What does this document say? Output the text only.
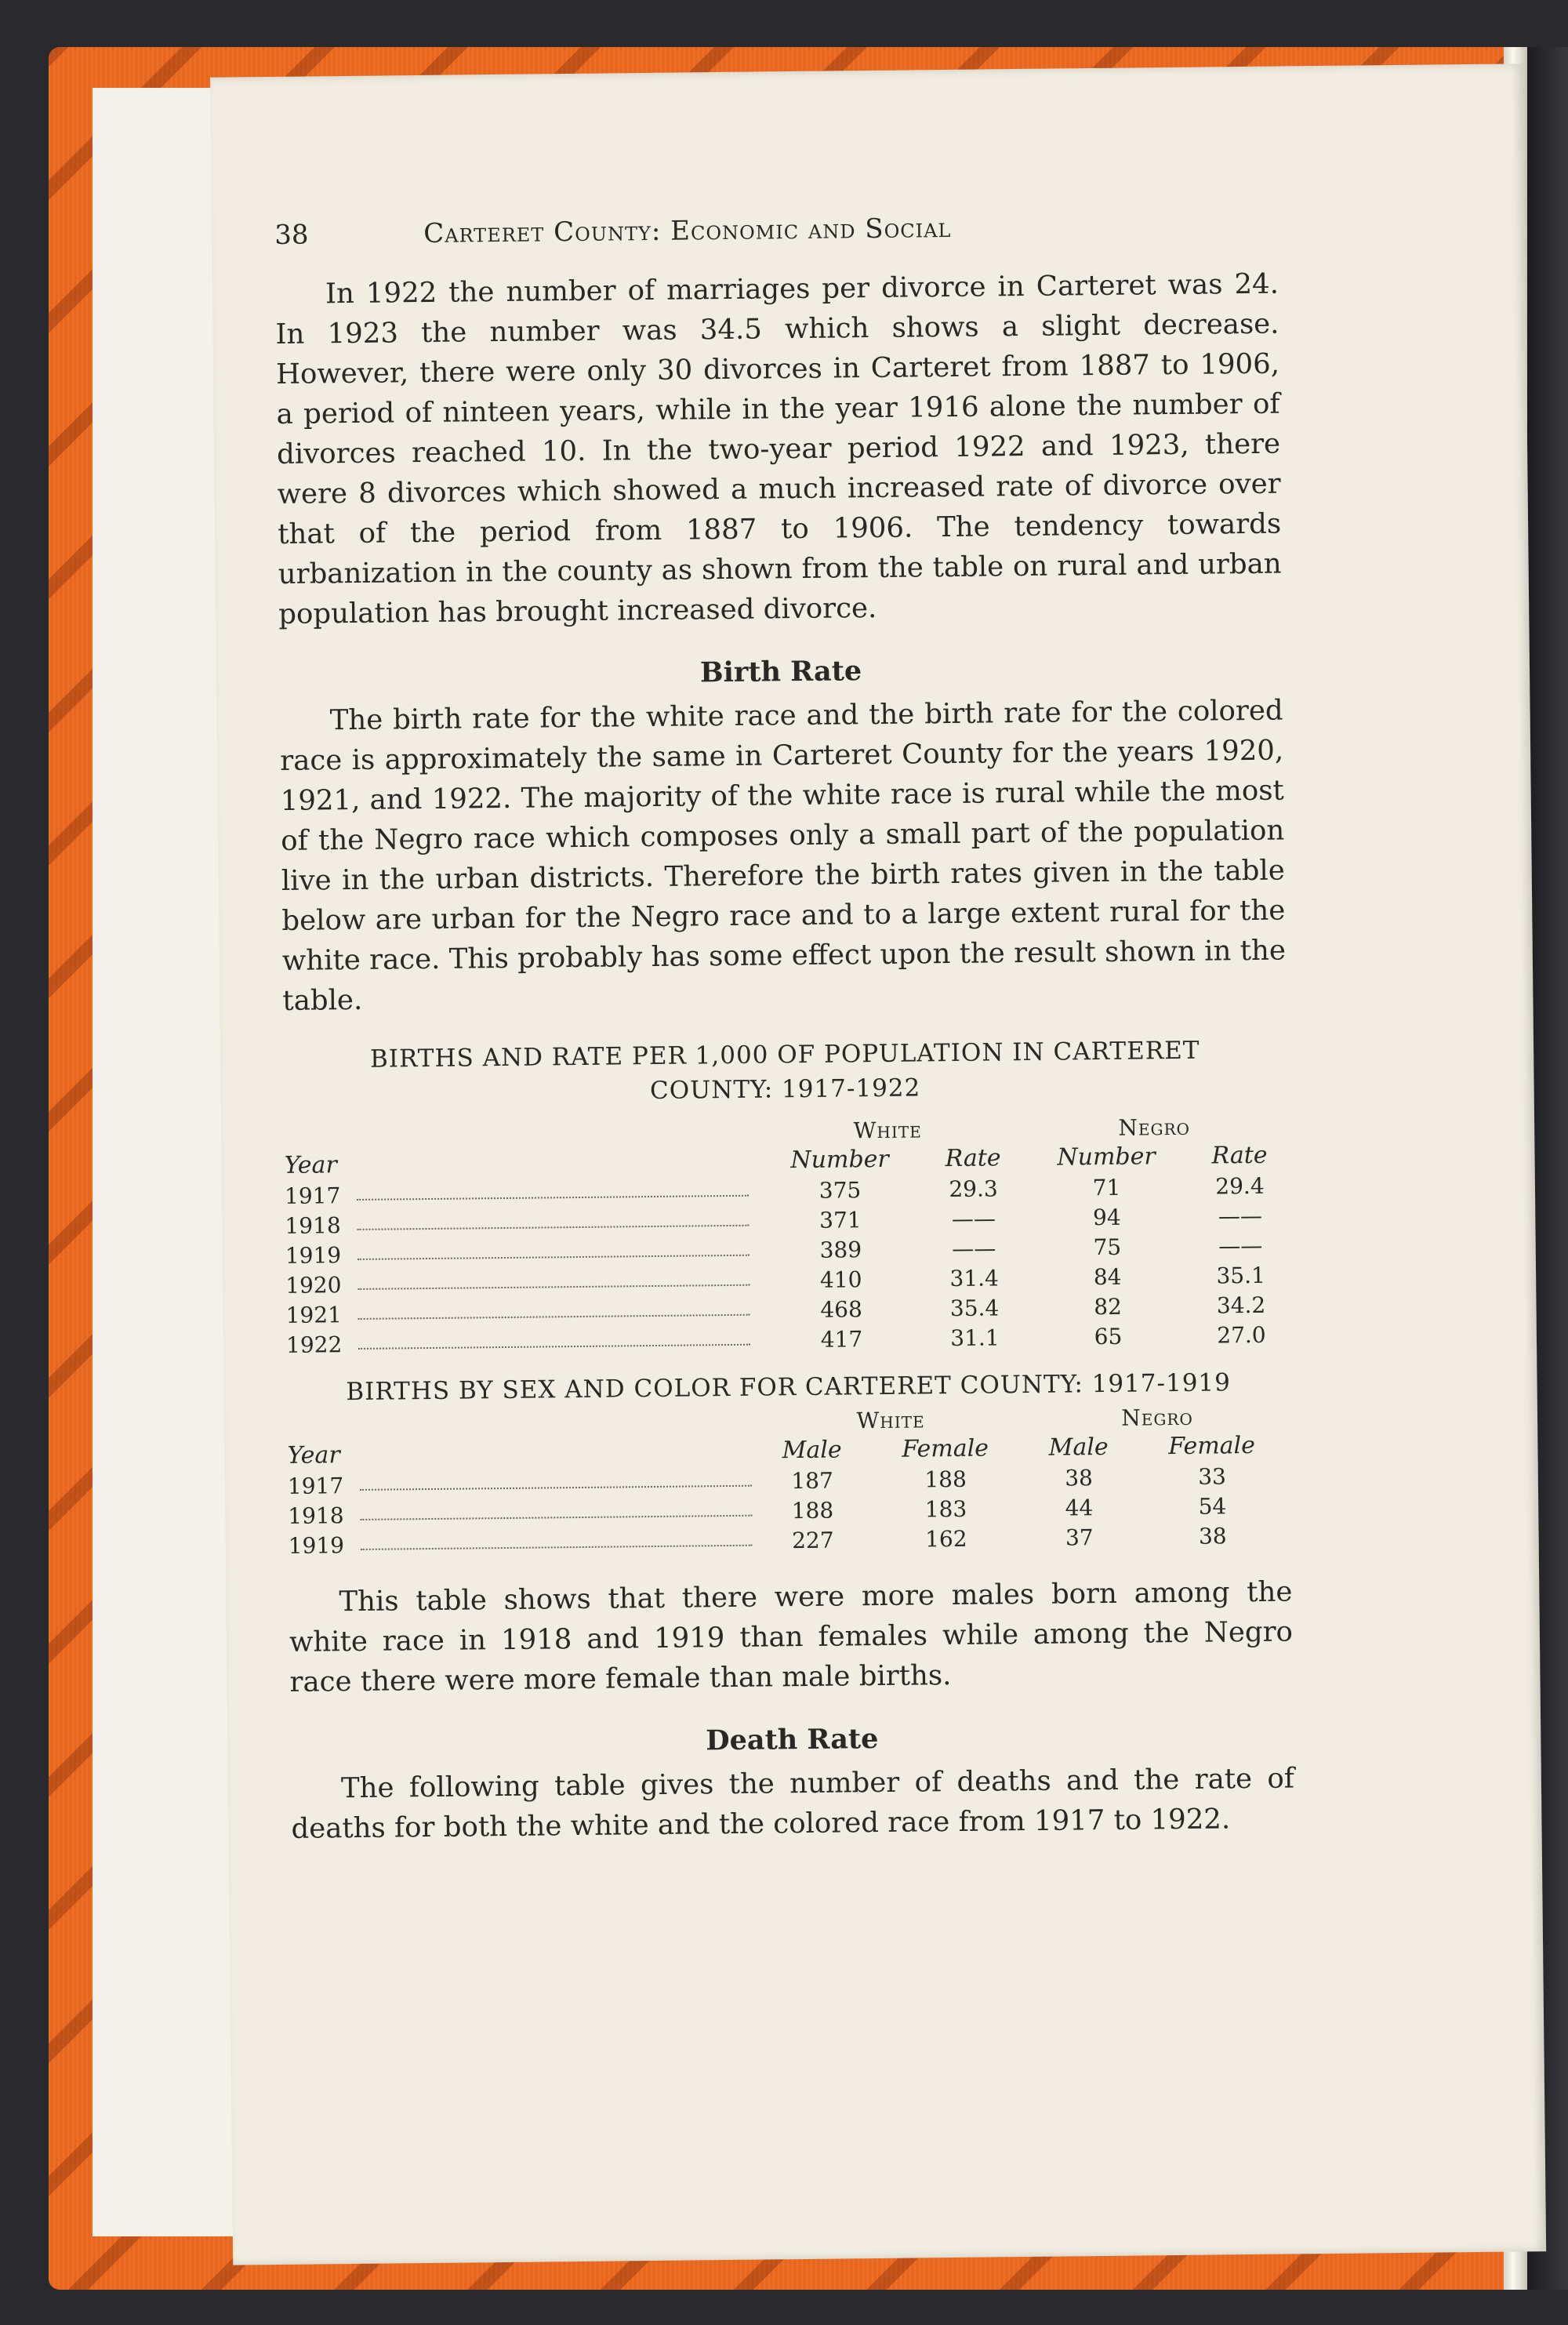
38	Carteret County: Economic and Social

In 1922 the number of marriages per divorce in Carteret was 24. In 1923 the number was 34.5 which shows a slight decrease. However, there were only 30 divorces in Carteret from 1887 to 1906, a period of ninteen years, while in the year 1916 alone the number of divorces reached 10. In the two-year period 1922 and 1923, there were 8 divorces which showed a much increased rate of divorce over that of the period from 1887 to 1906. The tendency towards urbanization in the county as shown from the table on rural and urban population has brought increased divorce.

Birth Rate

The birth rate for the white race and the birth rate for the colored race is approximately the same in Carteret County for the years 1920, 1921, and 1922. The majority of the white race is rural while the most of the Negro race which composes only a small part of the population live in the urban districts. Therefore the birth rates given in the table below are urban for the Negro race and to a large extent rural for the white race. This probably has some effect upon the result shown in the table.

BIRTHS AND RATE PER 1,000 OF POPULATION IN CARTERET
COUNTY: 1917-1922
		White		Negro	
Year		Number	Rate	Number	Rate
1917		375	29.3	71	29.4
1918		371	——	94	——
1919		389	——	75	——
1920		410	31.4	84	35.1
1921		468	35.4	82	34.2
1922		417	31.1	65	27.0
BIRTHS BY SEX AND COLOR FOR CARTERET COUNTY: 1917-1919
		White		Negro	
Year		Male	Female	Male	Female
1917		187	188	38	33
1918		188	183	44	54
1919		227	162	37	38

This table shows that there were more males born among the white race in 1918 and 1919 than females while among the Negro race there were more female than male births.

Death Rate

The following table gives the number of deaths and the rate of deaths for both the white and the colored race from 1917 to 1922.
